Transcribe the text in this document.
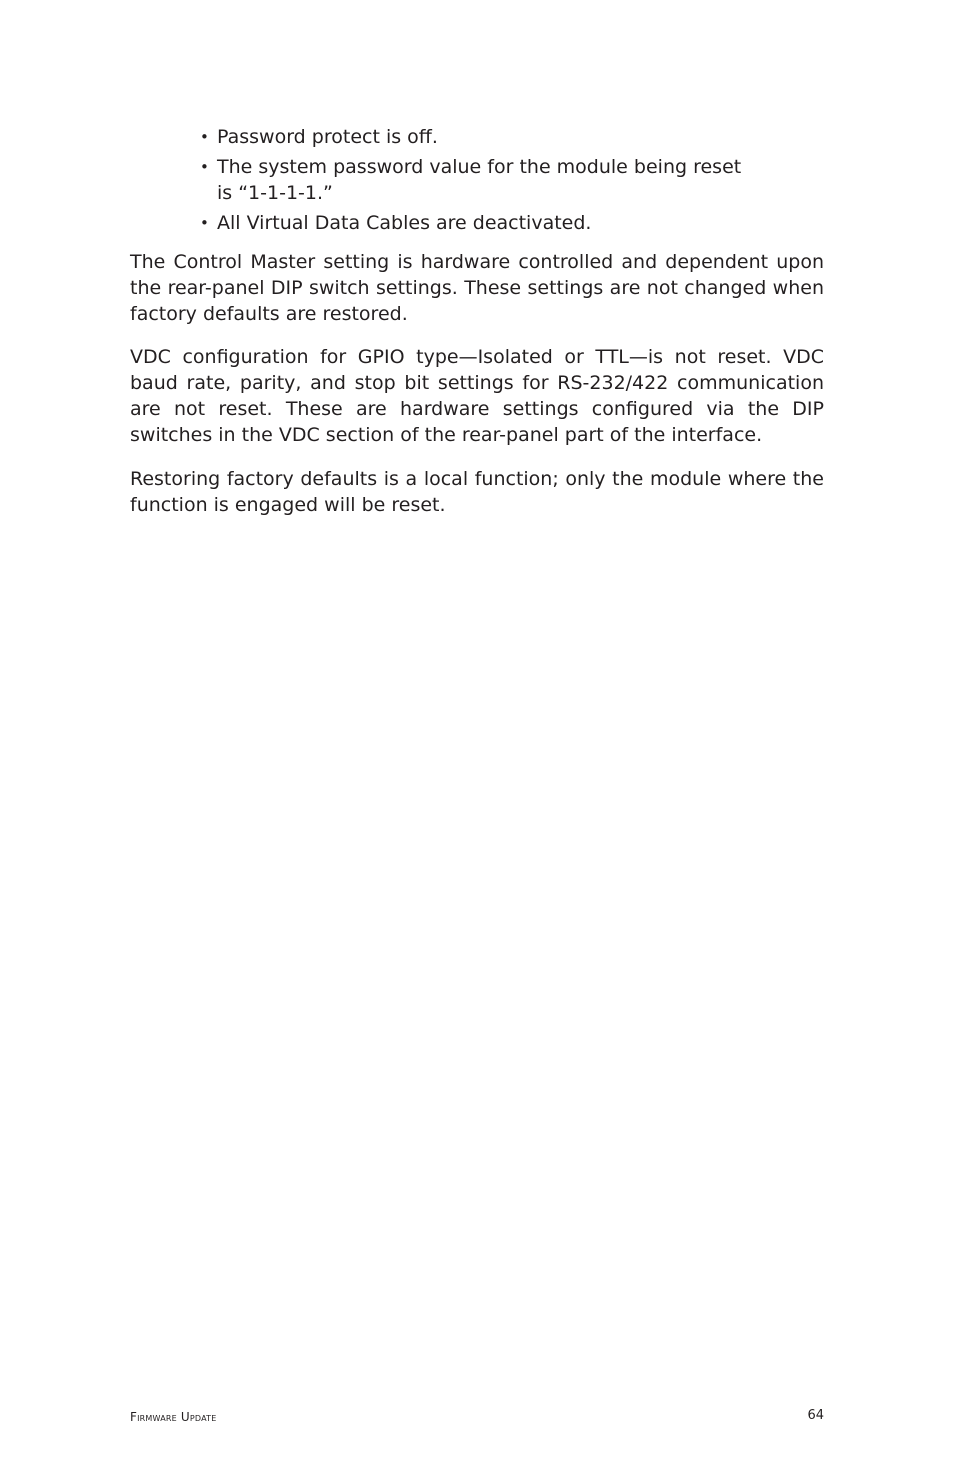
• Password protect is off.
• The system password value for the module being reset is “1-1-1-1.”
• All Virtual Data Cables are deactivated.

The Control Master setting is hardware controlled and dependent upon the rear-panel DIP switch settings. These settings are not changed when factory defaults are restored.

VDC configuration for GPIO type—Isolated or TTL—is not reset. VDC baud rate, parity, and stop bit settings for RS-232/422 communication are not reset. These are hardware settings configured via the DIP switches in the VDC section of the rear-panel part of the interface.

Restoring factory defaults is a local function; only the module where the function is engaged will be reset.

Firmware Update	64
